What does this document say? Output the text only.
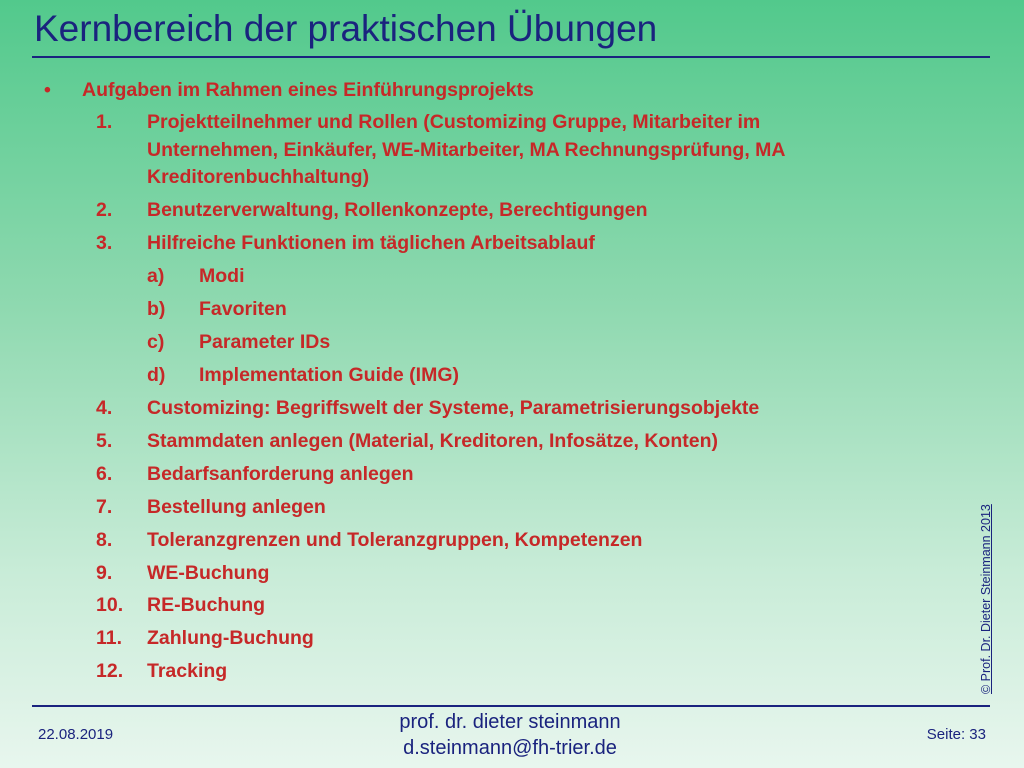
Kernbereich der praktischen Übungen
•	Aufgaben im Rahmen eines Einführungsprojekts
1.	Projektteilnehmer und Rollen (Customizing Gruppe, Mitarbeiter im
Unternehmen, Einkäufer, WE-Mitarbeiter, MA Rechnungsprüfung, MA
Kreditorenbuchhaltung)
2.	Benutzerverwaltung, Rollenkonzepte, Berechtigungen
3.	Hilfreiche Funktionen im täglichen Arbeitsablauf
a)	Modi
b)	Favoriten
c)	Parameter IDs
d)	Implementation Guide (IMG)
4.	Customizing: Begriffswelt der Systeme, Parametrisierungsobjekte
5.	Stammdaten anlegen (Material, Kreditoren, Infosätze, Konten)
6.	Bedarfsanforderung anlegen
7.	Bestellung anlegen
8.	Toleranzgrenzen und Toleranzgruppen, Kompetenzen
9.	WE-Buchung
10.	RE-Buchung
11.	Zahlung-Buchung
12.	Tracking	© Prof. Dr. Dieter Steinmann 2013
22.08.2019
prof. dr. dieter steinmann
d.steinmann@fh-trier.de
Seite: 33
